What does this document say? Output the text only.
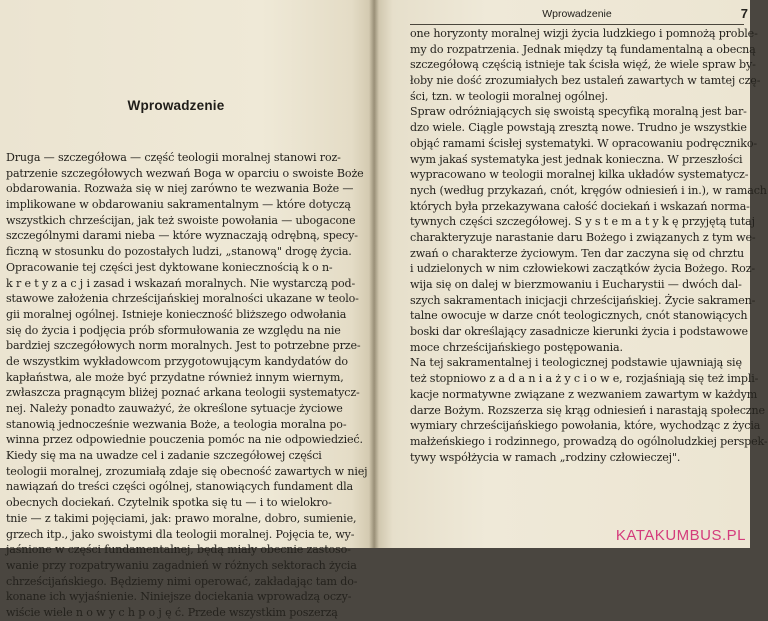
Wprowadzenie
Druga — szczegółowa — część teologii moralnej stanowi roz-
patrzenie szczegółowych wezwań Boga w oparciu o swoiste Boże
obdarowania. Rozważa się w niej zarówno te wezwania Boże —
implikowane w obdarowaniu sakramentalnym — które dotyczą
wszystkich chrześcijan, jak też swoiste powołania — ubogacone
szczególnymi darami nieba — które wyznaczają odrębną, specy-
ficzną w stosunku do pozostałych ludzi, „stanową" drogę życia.
Opracowanie tej części jest dyktowane koniecznością k o n-
k r e t y z a c j i zasad i wskazań moralnych. Nie wystarczą pod-
stawowe założenia chrześcijańskiej moralności ukazane w teolo-
gii moralnej ogólnej. Istnieje konieczność bliższego odwołania
się do życia i podjęcia prób sformułowania ze względu na nie
bardziej szczegółowych norm moralnych. Jest to potrzebne prze-
de wszystkim wykładowcom przygotowującym kandydatów do
kapłaństwa, ale może być przydatne również innym wiernym,
zwłaszcza pragnącym bliżej poznać arkana teologii systematycz-
nej. Należy ponadto zauważyć, że określone sytuacje życiowe
stanowią jednocześnie wezwania Boże, a teologia moralna po-
winna przez odpowiednie pouczenia pomóc na nie odpowiedzieć.
Kiedy się ma na uwadze cel i zadanie szczegółowej części
teologii moralnej, zrozumiałą zdaje się obecność zawartych w niej
nawiązań do treści części ogólnej, stanowiących fundament dla
obecnych dociekań. Czytelnik spotka się tu — i to wielokro-
tnie — z takimi pojęciami, jak: prawo moralne, dobro, sumienie,
grzech itp., jako swoistymi dla teologii moralnej. Pojęcia te, wy-
jaśnione w części fundamentalnej, będą miały obecnie zastoso-
wanie przy rozpatrywaniu zagadnień w różnych sektorach życia
chrześcijańskiego. Będziemy nimi operować, zakładając tam do-
konane ich wyjaśnienie. Niniejsze dociekania wprowadzą oczy-
wiście wiele n o w y c h p o j ę ć. Przede wszystkim poszerzą
Wprowadzenie	7
one horyzonty moralnej wizji życia ludzkiego i pomnożą proble-
my do rozpatrzenia. Jednak między tą fundamentalną a obecną
szczegółową częścią istnieje tak ścisła więź, że wiele spraw by-
łoby nie dość zrozumiałych bez ustaleń zawartych w tamtej czę-
ści, tzn. w teologii moralnej ogólnej.
Spraw odróżniających się swoistą specyfiką moralną jest bar-
dzo wiele. Ciągle powstają zresztą nowe. Trudno je wszystkie
objąć ramami ścisłej systematyki. W opracowaniu podręczniko-
wym jakaś systematyka jest jednak konieczna. W przeszłości
wypracowano w teologii moralnej kilka układów systematycz-
nych (według przykazań, cnót, kręgów odniesień i in.), w ramach
których była przekazywana całość dociekań i wskazań norma-
tywnych części szczegółowej. S y s t e m a t y k ę przyjętą tutaj
charakteryzuje narastanie daru Bożego i związanych z tym we-
zwań o charakterze życiowym. Ten dar zaczyna się od chrztu
i udzielonych w nim człowiekowi zaczątków życia Bożego. Roz-
wija się on dalej w bierzmowaniu i Eucharystii — dwóch dal-
szych sakramentach inicjacji chrześcijańskiej. Życie sakramen-
talne owocuje w darze cnót teologicznych, cnót stanowiących
boski dar określający zasadnicze kierunki życia i podstawowe
moce chrześcijańskiego postępowania.
Na tej sakramentalnej i teologicznej podstawie ujawniają się
też stopniowo z a d a n i a ż y c i o w e, rozjaśniają się też impli-
kacje normatywne związane z wezwaniem zawartym w każdym
darze Bożym. Rozszerza się krąg odniesień i narastają społeczne
wymiary chrześcijańskiego powołania, które, wychodząc z życia
małżeńskiego i rodzinnego, prowadzą do ogólnoludzkiej perspek-
tywy współżycia w ramach „rodziny człowieczej".
KATAKUMBUS.PL
